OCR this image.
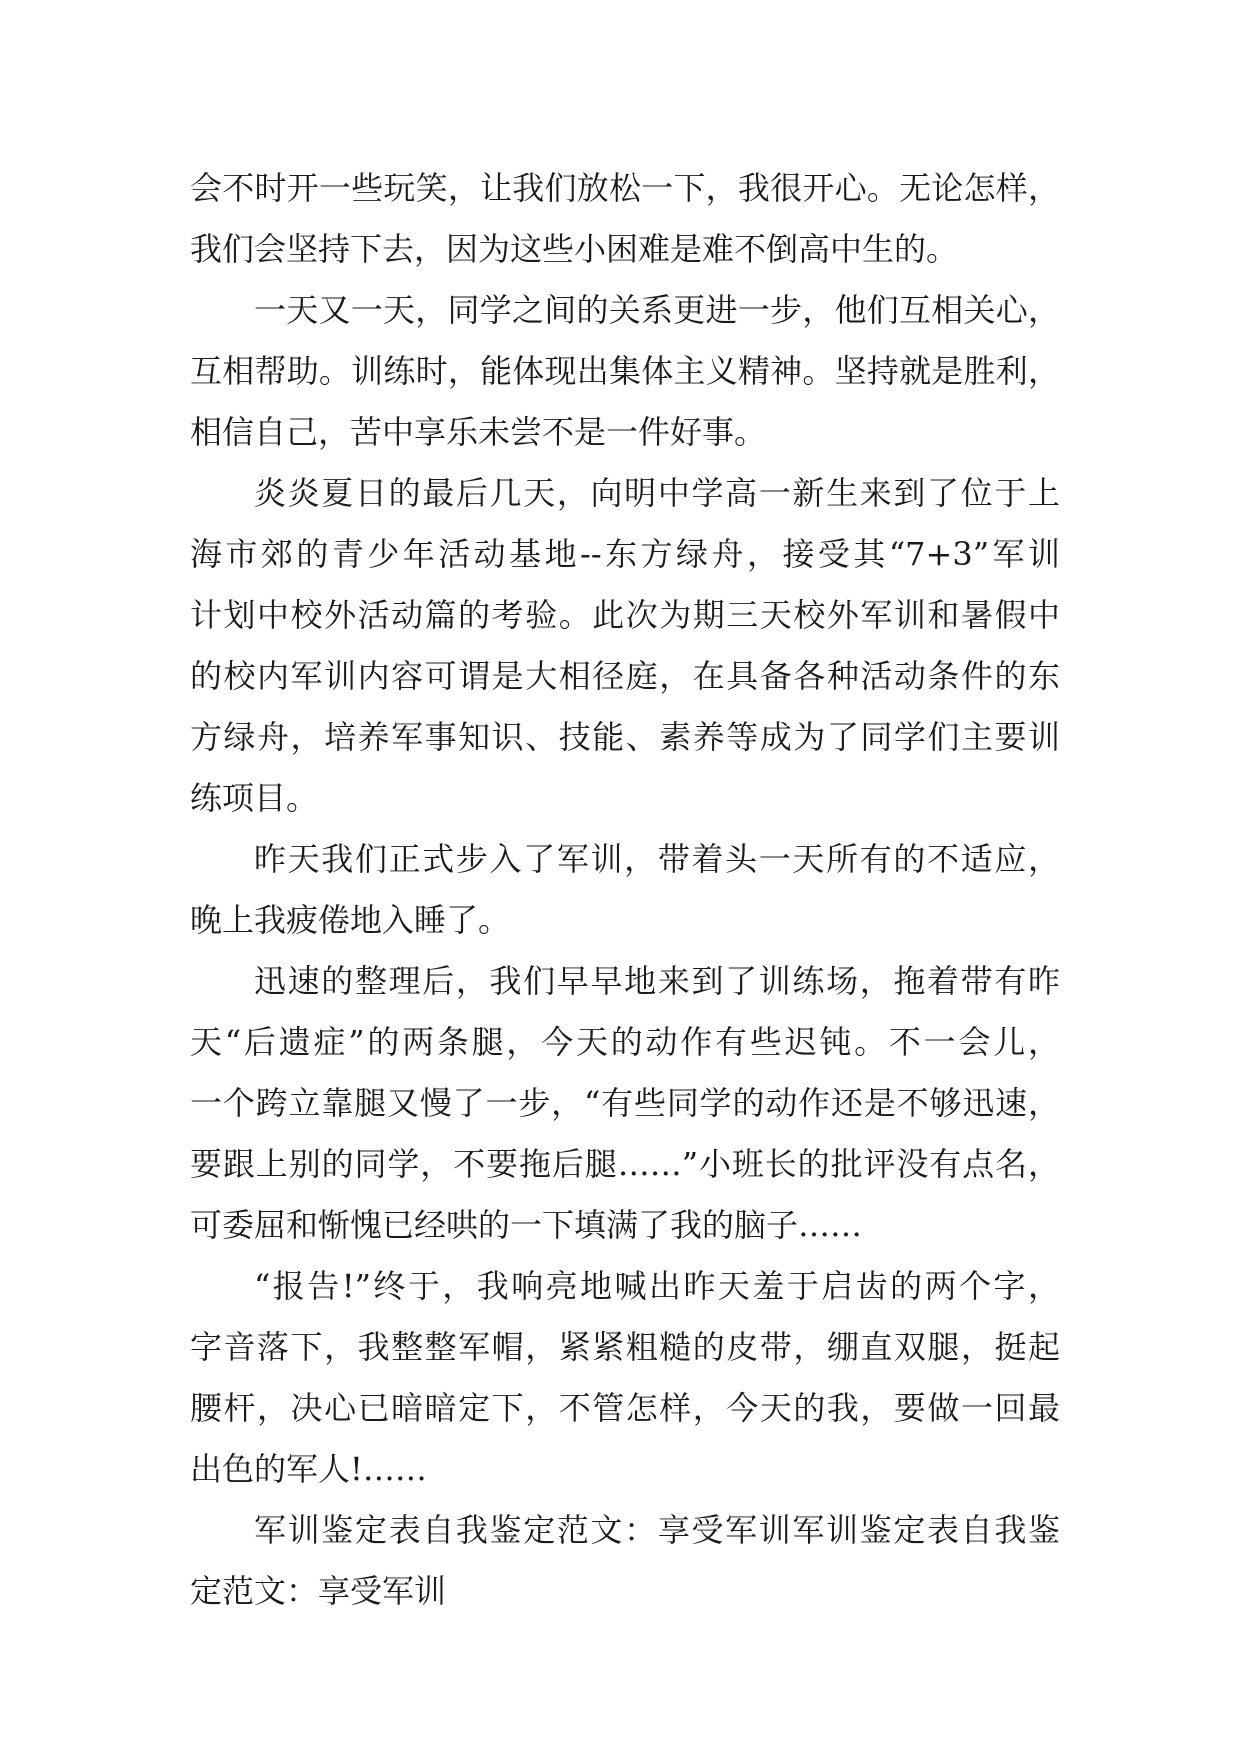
会不时开一些玩笑，让我们放松一下，我很开心。无论怎样，
我们会坚持下去，因为这些小困难是难不倒高中生的。

一天又一天，同学之间的关系更进一步，他们互相关心，
互相帮助。训练时，能体现出集体主义精神。坚持就是胜利，
相信自己，苦中享乐未尝不是一件好事。

炎炎夏日的最后几天，向明中学高一新生来到了位于上
海市郊的青少年活动基地--东方绿舟，接受其“7+3”军训
计划中校外活动篇的考验。此次为期三天校外军训和暑假中
的校内军训内容可谓是大相径庭，在具备各种活动条件的东
方绿舟，培养军事知识、技能、素养等成为了同学们主要训
练项目。

昨天我们正式步入了军训，带着头一天所有的不适应，
晚上我疲倦地入睡了。

迅速的整理后，我们早早地来到了训练场，拖着带有昨
天“后遗症”的两条腿，今天的动作有些迟钝。不一会儿，
一个跨立靠腿又慢了一步，“有些同学的动作还是不够迅速，
要跟上别的同学，不要拖后腿……”小班长的批评没有点名，
可委屈和惭愧已经哄的一下填满了我的脑子……

“报告!”终于，我响亮地喊出昨天羞于启齿的两个字，
字音落下，我整整军帽，紧紧粗糙的皮带，绷直双腿，挺起
腰杆，决心已暗暗定下，不管怎样，今天的我，要做一回最
出色的军人!……

军训鉴定表自我鉴定范文：享受军训军训鉴定表自我鉴
定范文：享受军训
